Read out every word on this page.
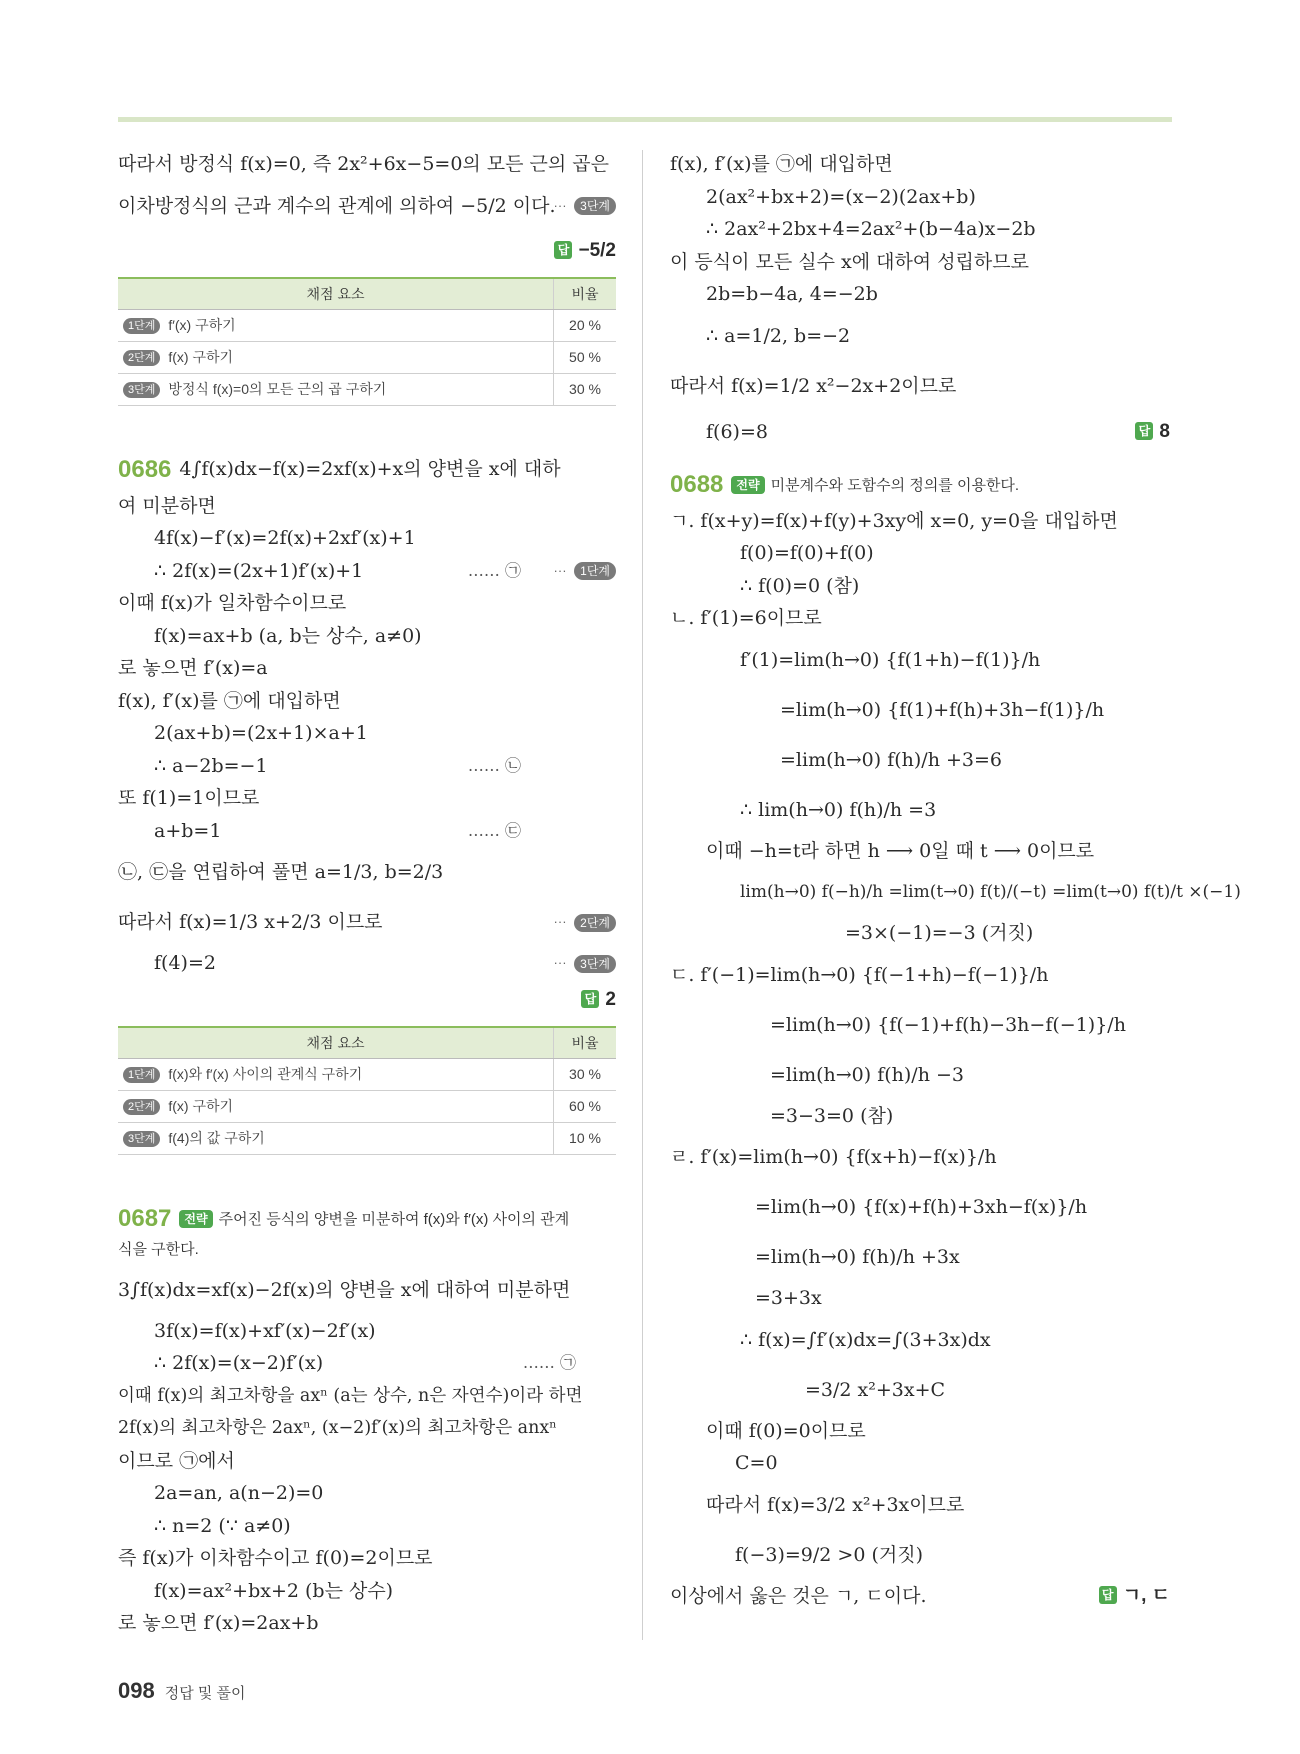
따라서 방정식 f(x)=0, 즉 2x²+6x−5=0의 모든 근의 곱은
이차방정식의 근과 계수의 관계에 의하여 −5/2 이다.
··· 3단계
답 −5/2
채점 요소	비율
1단계 f′(x) 구하기	20 %
2단계 f(x) 구하기	50 %
3단계 방정식 f(x)=0의 모든 근의 곱 구하기	30 %
0686 4∫f(x)dx−f(x)=2xf(x)+x의 양변을 x에 대하
여 미분하면
4f(x)−f′(x)=2f(x)+2xf′(x)+1
∴ 2f(x)=(2x+1)f′(x)+1	…… ㉠	··· 1단계
이때 f(x)가 일차함수이므로
f(x)=ax+b (a, b는 상수, a≠0)
로 놓으면 f′(x)=a
f(x), f′(x)를 ㉠에 대입하면
2(ax+b)=(2x+1)×a+1
∴ a−2b=−1	…… ㉡
또 f(1)=1이므로
a+b=1	…… ㉢
㉡, ㉢을 연립하여 풀면 a=1/3, b=2/3
따라서 f(x)=1/3 x+2/3 이므로	··· 2단계
f(4)=2	··· 3단계
답 2
채점 요소	비율
1단계 f(x)와 f′(x) 사이의 관계식 구하기	30 %
2단계 f(x) 구하기	60 %
3단계 f(4)의 값 구하기	10 %
0687 전략 주어진 등식의 양변을 미분하여 f(x)와 f′(x) 사이의 관계
식을 구한다.
3∫f(x)dx=xf(x)−2f(x)의 양변을 x에 대하여 미분하면
3f(x)=f(x)+xf′(x)−2f′(x)
∴ 2f(x)=(x−2)f′(x)	…… ㉠
이때 f(x)의 최고차항을 axⁿ (a는 상수, n은 자연수)이라 하면
2f(x)의 최고차항은 2axⁿ, (x−2)f′(x)의 최고차항은 anxⁿ
이므로 ㉠에서
2a=an, a(n−2)=0
∴ n=2 (∵ a≠0)
즉 f(x)가 이차함수이고 f(0)=2이므로
f(x)=ax²+bx+2 (b는 상수)
로 놓으면 f′(x)=2ax+b
f(x), f′(x)를 ㉠에 대입하면
2(ax²+bx+2)=(x−2)(2ax+b)
∴ 2ax²+2bx+4=2ax²+(b−4a)x−2b
이 등식이 모든 실수 x에 대하여 성립하므로
2b=b−4a, 4=−2b
∴ a=1/2, b=−2
따라서 f(x)=1/2 x²−2x+2이므로
f(6)=8	답 8
0688 전략 미분계수와 도함수의 정의를 이용한다.
ㄱ. f(x+y)=f(x)+f(y)+3xy에 x=0, y=0을 대입하면
f(0)=f(0)+f(0)
∴ f(0)=0 (참)
ㄴ. f′(1)=6이므로
f′(1)=lim(h→0) {f(1+h)−f(1)}/h
=lim(h→0) {f(1)+f(h)+3h−f(1)}/h
=lim(h→0) f(h)/h +3=6
∴ lim(h→0) f(h)/h =3
이때 −h=t라 하면 h ⟶ 0일 때 t ⟶ 0이므로
lim(h→0) f(−h)/h =lim(t→0) f(t)/(−t) =lim(t→0) f(t)/t ×(−1)
=3×(−1)=−3 (거짓)
ㄷ. f′(−1)=lim(h→0) {f(−1+h)−f(−1)}/h
=lim(h→0) {f(−1)+f(h)−3h−f(−1)}/h
=lim(h→0) f(h)/h −3
=3−3=0 (참)
ㄹ. f′(x)=lim(h→0) {f(x+h)−f(x)}/h
=lim(h→0) {f(x)+f(h)+3xh−f(x)}/h
=lim(h→0) f(h)/h +3x
=3+3x
∴ f(x)=∫f′(x)dx=∫(3+3x)dx
=3/2 x²+3x+C
이때 f(0)=0이므로
C=0
따라서 f(x)=3/2 x²+3x이므로
f(−3)=9/2 >0 (거짓)
이상에서 옳은 것은 ㄱ, ㄷ이다.	답 ㄱ, ㄷ
098 정답 및 풀이
